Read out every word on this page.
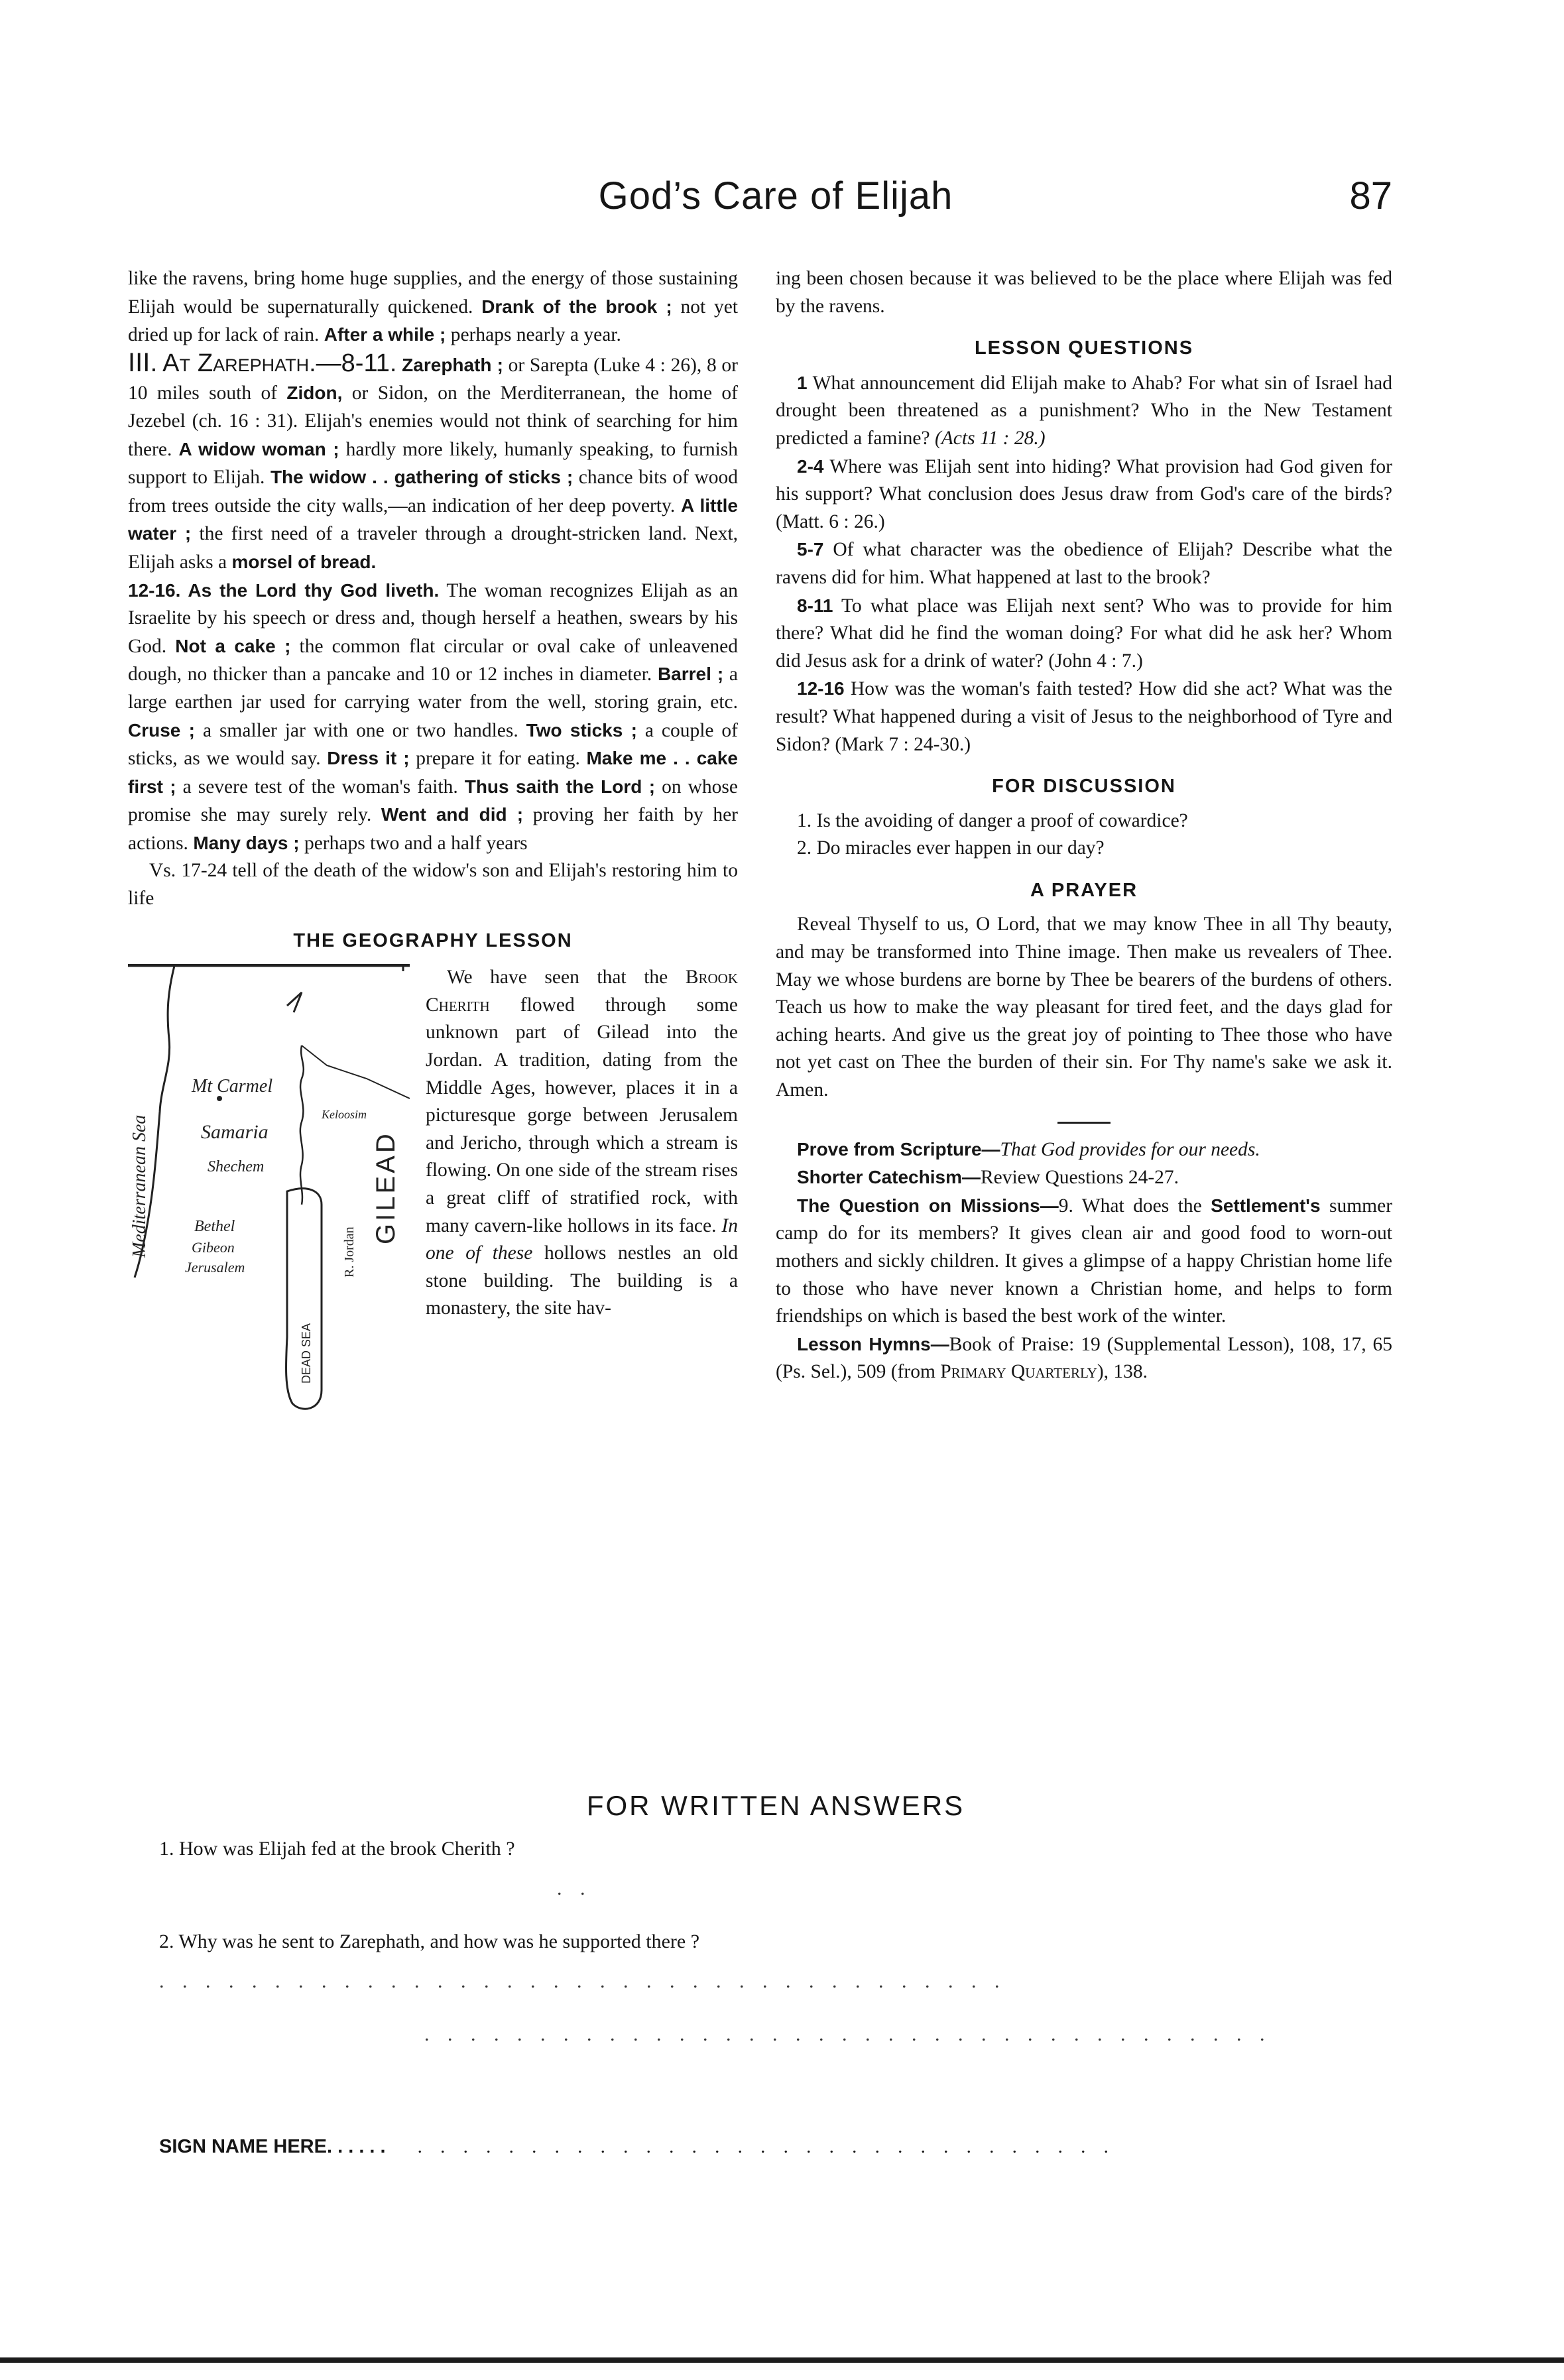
God’s Care of Elijah	87

like the ravens, bring home huge supplies, and the energy of those sustaining Elijah would be supernaturally quickened. Drank of the brook ; not yet dried up for lack of rain. After a while ; perhaps nearly a year.

III. At Zarephath.—8-11. Zarephath ; or Sarepta (Luke 4 : 26), 8 or 10 miles south of Zidon, or Sidon, on the Merditerranean, the home of Jezebel (ch. 16 : 31). Elijah's enemies would not think of searching for him there. A widow woman ; hardly more likely, humanly speaking, to furnish support to Elijah. The widow . . gathering of sticks ; chance bits of wood from trees outside the city walls,—an indication of her deep poverty. A little water ; the first need of a traveler through a drought-stricken land. Next, Elijah asks a morsel of bread.

12-16. As the Lord thy God liveth. The woman recognizes Elijah as an Israelite by his speech or dress and, though herself a heathen, swears by his God. Not a cake ; the common flat circular or oval cake of unleavened dough, no thicker than a pancake and 10 or 12 inches in diameter. Barrel ; a large earthen jar used for carrying water from the well, storing grain, etc. Cruse ; a smaller jar with one or two handles. Two sticks ; a couple of sticks, as we would say. Dress it ; prepare it for eating. Make me . . cake first ; a severe test of the woman's faith. Thus saith the Lord ; on whose promise she may surely rely. Went and did ; proving her faith by her actions. Many days ; perhaps two and a half years

Vs. 17-24 tell of the death of the widow's son and Elijah's restoring him to life

THE GEOGRAPHY LESSON
Mediterranean Sea
Mt Carmel
Samaria
Shechem
Bethel
Gibeon
Jerusalem
GILEAD
R. Jordan
Keloosim
DEAD SEA

We have seen that the Brook Cherith flowed through some unknown part of Gilead into the Jordan. A tradition, dating from the Middle Ages, however, places it in a picturesque gorge between Jerusalem and Jericho, through which a stream is flowing. On one side of the stream rises a great cliff of stratified rock, with many cavern-like hollows in its face. In one of these hollows nestles an old stone building. The building is a monastery, the site hav-

ing been chosen because it was believed to be the place where Elijah was fed by the ravens.

LESSON QUESTIONS

1 What announcement did Elijah make to Ahab? For what sin of Israel had drought been threatened as a punishment? Who in the New Testament predicted a famine? (Acts 11 : 28.)

2-4 Where was Elijah sent into hiding? What provision had God given for his support? What conclusion does Jesus draw from God's care of the birds? (Matt. 6 : 26.)

5-7 Of what character was the obedience of Elijah? Describe what the ravens did for him. What happened at last to the brook?

8-11 To what place was Elijah next sent? Who was to provide for him there? What did he find the woman doing? For what did he ask her? Whom did Jesus ask for a drink of water? (John 4 : 7.)

12-16 How was the woman's faith tested? How did she act? What was the result? What happened during a visit of Jesus to the neighborhood of Tyre and Sidon? (Mark 7 : 24-30.)

FOR DISCUSSION

1. Is the avoiding of danger a proof of cowardice?

2. Do miracles ever happen in our day?

A PRAYER

Reveal Thyself to us, O Lord, that we may know Thee in all Thy beauty, and may be transformed into Thine image. Then make us revealers of Thee. May we whose burdens are borne by Thee be bearers of the burdens of others. Teach us how to make the way pleasant for tired feet, and the days glad for aching hearts. And give us the great joy of pointing to Thee those who have not yet cast on Thee the burden of their sin. For Thy name's sake we ask it. Amen.

Prove from Scripture—That God provides for our needs.

Shorter Catechism—Review Questions 24-27.

The Question on Missions—9. What does the Settlement's summer camp do for its members? It gives clean air and good food to worn-out mothers and sickly children. It gives a glimpse of a happy Christian home life to those who have never known a Christian home, and helps to form friendships on which is based the best work of the winter.

Lesson Hymns—Book of Praise: 19 (Supplemental Lesson), 108, 17, 65 (Ps. Sel.), 509 (from Primary Quarterly), 138.

FOR WRITTEN ANSWERS

1. How was Elijah fed at the brook Cherith ?

. .

2. Why was he sent to Zarephath, and how was he supported there ?

. . . . . . . . . . . . . . . . . . . . . . . . . . . . . . . . . . . . .
. . . . . . . . . . . . . . . . . . . . . . . . . . . . . . . . . . . . .
SIGN NAME HERE. . . . . . . . . . . . . . . . . . . . . . . . . . . . . . . . . . . . .
